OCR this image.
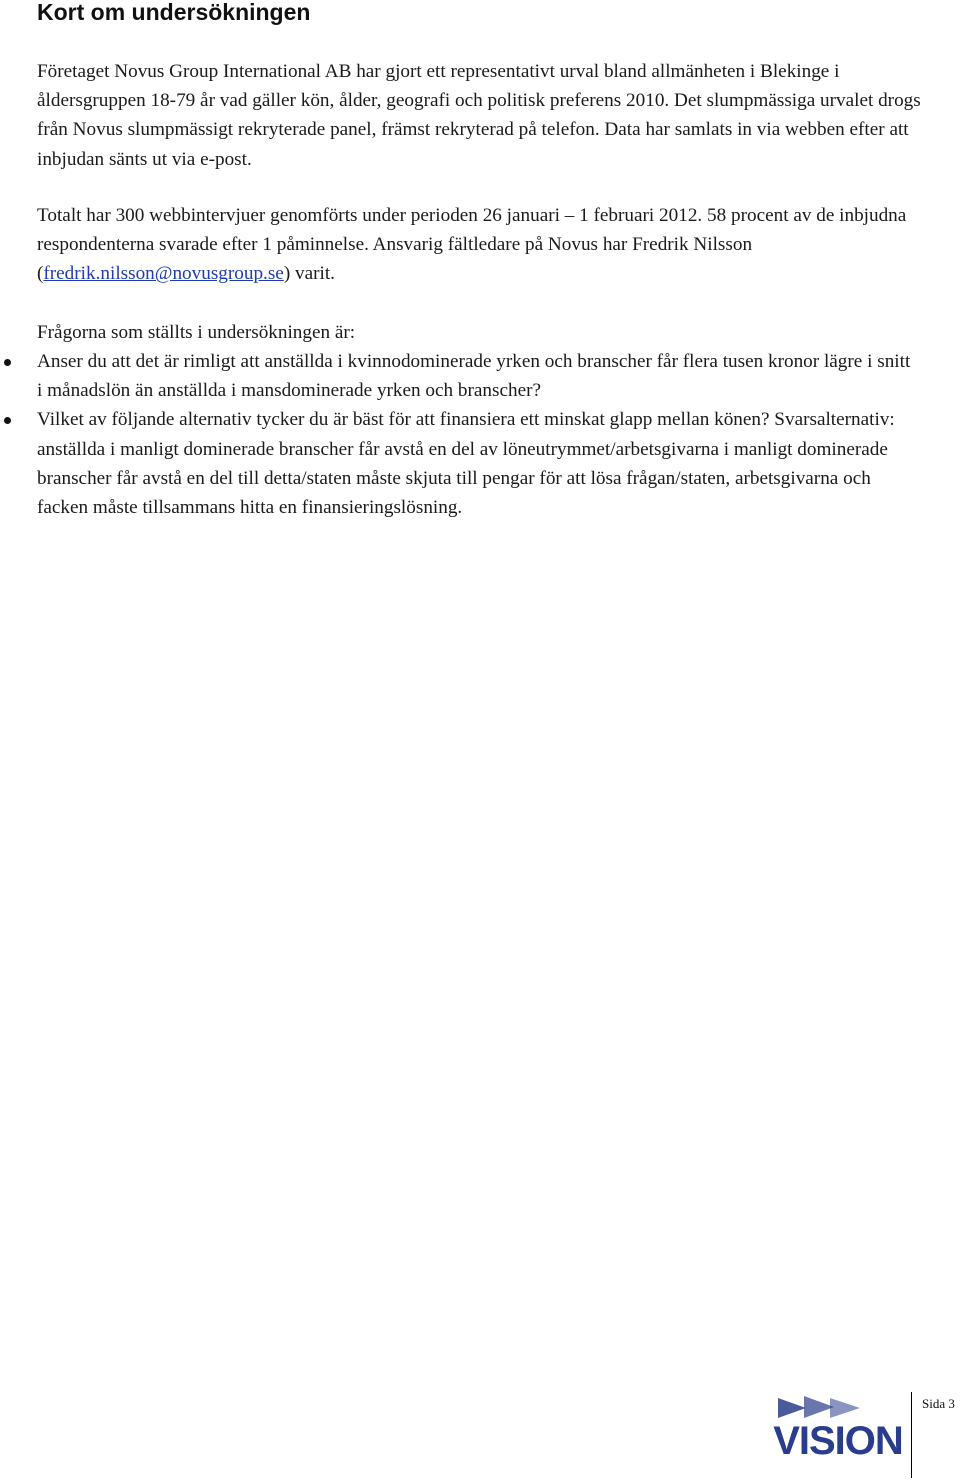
Kort om undersökningen

Företaget Novus Group International AB har gjort ett representativt urval bland allmänheten i Blekinge i åldersgruppen 18-79 år vad gäller kön, ålder, geografi och politisk preferens 2010. Det slumpmässiga urvalet drogs från Novus slumpmässigt rekryterade panel, främst rekryterad på telefon. Data har samlats in via webben efter att inbjudan sänts ut via e-post.

Totalt har 300 webbintervjuer genomförts under perioden 26 januari – 1 februari 2012. 58 procent av de inbjudna respondenterna svarade efter 1 påminnelse. Ansvarig fältledare på Novus har Fredrik Nilsson (fredrik.nilsson@novusgroup.se) varit.

Frågorna som ställts i undersökningen är:

Anser du att det är rimligt att anställda i kvinnodominerade yrken och branscher får flera tusen kronor lägre i snitt i månadslön än anställda i mansdominerade yrken och branscher?
Vilket av följande alternativ tycker du är bäst för att finansiera ett minskat glapp mellan könen? Svarsalternativ: anställda i manligt dominerade branscher får avstå en del av löneutrymmet/arbetsgivarna i manligt dominerade branscher får avstå en del till detta/staten måste skjuta till pengar för att lösa frågan/staten, arbetsgivarna och facken måste tillsammans hitta en finansieringslösning.
VISION
Sida 3
